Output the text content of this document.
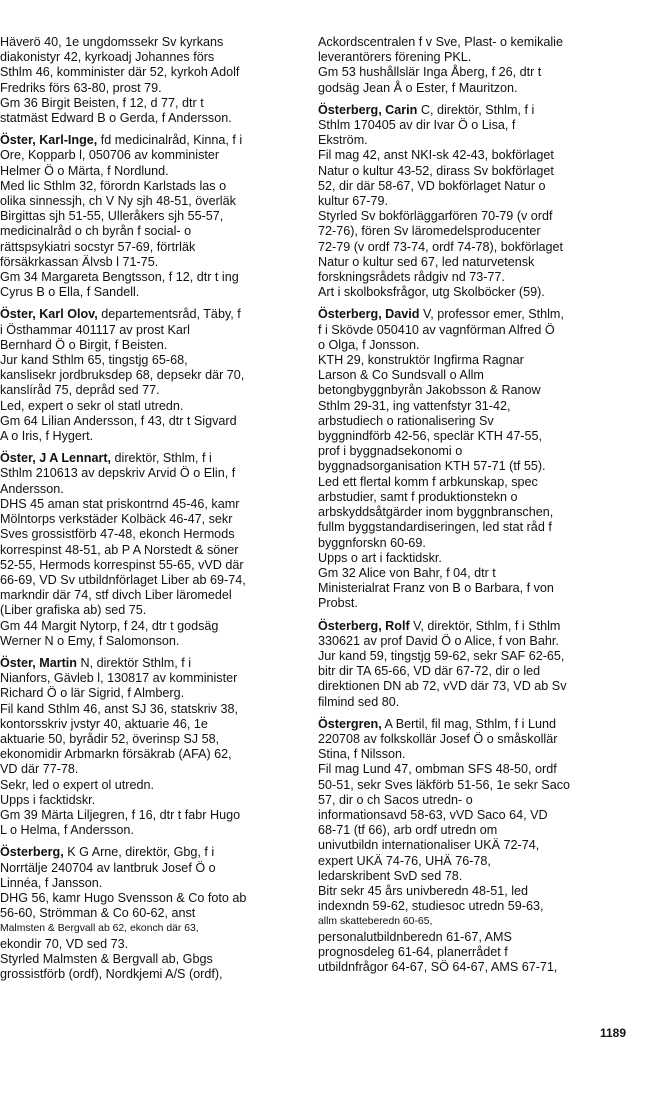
Häverö 40, 1e ungdomssekr Sv kyrkans
diakonistyr 42, kyrkoadj Johannes förs
Sthlm 46, komminister där 52, kyrkoh Adolf
Fredriks förs 63-80, prost 79.
Gm 36 Birgit Beisten, f 12, d 77, dtr t
statmäst Edward B o Gerda, f Andersson.
Öster, Karl-Inge, fd medicinalråd, Kinna, f i
Ore, Kopparb l, 050706 av komminister
Helmer Ö o Märta, f Nordlund.
Med lic Sthlm 32, förordn Karlstads las o
olika sinnessjh, ch V Ny sjh 48-51, överläk
Birgittas sjh 51-55, Ulleråkers sjh 55-57,
medicinalråd o ch byrån f social- o
rättspsykiatri socstyr 57-69, förtrläk
försäkrkassan Älvsb l 71-75.
Gm 34 Margareta Bengtsson, f 12, dtr t ing
Cyrus B o Ella, f Sandell.
Öster, Karl Olov, departementsråd, Täby, f
i Östhammar 401117 av prost Karl
Bernhard Ö o Birgit, f Beisten.
Jur kand Sthlm 65, tingstjg 65-68,
kanslisekr jordbruksdep 68, depsekr där 70,
kanslíråd 75, depråd sed 77.
Led, expert o sekr ol statl utredn.
Gm 64 Lilian Andersson, f 43, dtr t Sigvard
A o Iris, f Hygert.
Öster, J A Lennart, direktör, Sthlm, f i
Sthlm 210613 av depskriv Arvid Ö o Elin, f
Andersson.
DHS 45 aman stat priskontrnd 45-46, kamr
Mölntorps verkstäder Kolbäck 46-47, sekr
Sves grossistförb 47-48, ekonch Hermods
korrespinst 48-51, ab P A Norstedt & söner
52-55, Hermods korrespinst 55-65, vVD där
66-69, VD Sv utbildnförlaget Liber ab 69-74,
markndir där 74, stf divch Liber läromedel
(Liber grafiska ab) sed 75.
Gm 44 Margit Nytorp, f 24, dtr t godsäg
Werner N o Emy, f Salomonson.
Öster, Martin N, direktör Sthlm, f i
Nianfors, Gävleb l, 130817 av komminister
Richard Ö o lär Sigrid, f Almberg.
Fil kand Sthlm 46, anst SJ 36, statskriv 38,
kontorsskriv jvstyr 40, aktuarie 46, 1e
aktuarie 50, byrådir 52, överinsp SJ 58,
ekonomidir Arbmarkn försäkrab (AFA) 62,
VD där 77-78.
Sekr, led o expert ol utredn.
Upps i facktidskr.
Gm 39 Märta Liljegren, f 16, dtr t fabr Hugo
L o Helma, f Andersson.
Österberg, K G Arne, direktör, Gbg, f i
Norrtälje 240704 av lantbruk Josef Ö o
Linnéa, f Jansson.
DHG 56, kamr Hugo Svensson & Co foto ab
56-60, Strömman & Co 60-62, anst
Malmsten & Bergvall ab 62, ekonch där 63,
ekondir 70, VD sed 73.
Styrled Malmsten & Bergvall ab, Gbgs
grossistförb (ordf), Nordkjemi A/S (ordf),
Ackordscentralen f v Sve, Plast- o kemikalie
leverantörers förening PKL.
Gm 53 hushållslär Inga Åberg, f 26, dtr t
godsäg Jean Å o Ester, f Mauritzon.
Österberg, Carin C, direktör, Sthlm, f i
Sthlm 170405 av dir Ivar Ö o Lisa, f
Ekström.
Fil mag 42, anst NKI-sk 42-43, bokförlaget
Natur o kultur 43-52, dirass Sv bokförlaget
52, dir där 58-67, VD bokförlaget Natur o
kultur 67-79.
Styrled Sv bokförläggarfören 70-79 (v ordf
72-76), fören Sv läromedelsproducenter
72-79 (v ordf 73-74, ordf 74-78), bokförlaget
Natur o kultur sed 67, led naturvetensk
forskningsrådets rådgiv nd 73-77.
Art i skolboksfrågor, utg Skolböcker (59).
Österberg, David V, professor emer, Sthlm,
f i Skövde 050410 av vagnförman Alfred Ö
o Olga, f Jonsson.
KTH 29, konstruktör Ingfirma Ragnar
Larson & Co Sundsvall o Allm
betongbyggnbyrån Jakobsson & Ranow
Sthlm 29-31, ing vattenfstyr 31-42,
arbstudiech o rationalisering Sv
byggnindförb 42-56, speclär KTH 47-55,
prof i byggnadsekonomi o
byggnadsorganisation KTH 57-71 (tf 55).
Led ett flertal komm f arbkunskap, spec
arbstudier, samt f produktionstekn o
arbskyddsåtgärder inom byggnbranschen,
fullm byggstandardiseringen, led stat råd f
byggnforskn 60-69.
Upps o art i facktidskr.
Gm 32 Alice von Bahr, f 04, dtr t
Ministerialrat Franz von B o Barbara, f von
Probst.
Österberg, Rolf V, direktör, Sthlm, f i Sthlm
330621 av prof David Ö o Alice, f von Bahr.
Jur kand 59, tingstjg 59-62, sekr SAF 62-65,
bitr dir TA 65-66, VD där 67-72, dir o led
direktionen DN ab 72, vVD där 73, VD ab Sv
filmind sed 80.
Östergren, A Bertil, fil mag, Sthlm, f i Lund
220708 av folkskollär Josef Ö o småskollär
Stina, f Nilsson.
Fil mag Lund 47, ombman SFS 48-50, ordf
50-51, sekr Sves läkförb 51-56, 1e sekr Saco
57, dir o ch Sacos utredn- o
informationsavd 58-63, vVD Saco 64, VD
68-71 (tf 66), arb ordf utredn om
univutbildn internationaliser UKÄ 72-74,
expert UKÄ 74-76, UHÄ 76-78,
ledarskribent SvD sed 78.
Bitr sekr 45 års univberedn 48-51, led
indexndn 59-62, studiesoc utredn 59-63,
allm skatteberedn 60-65,
personalutbildnberedn 61-67, AMS
prognosdeleg 61-64, planerrådet f
utbildnfrågor 64-67, SÖ 64-67, AMS 67-71,
1189
